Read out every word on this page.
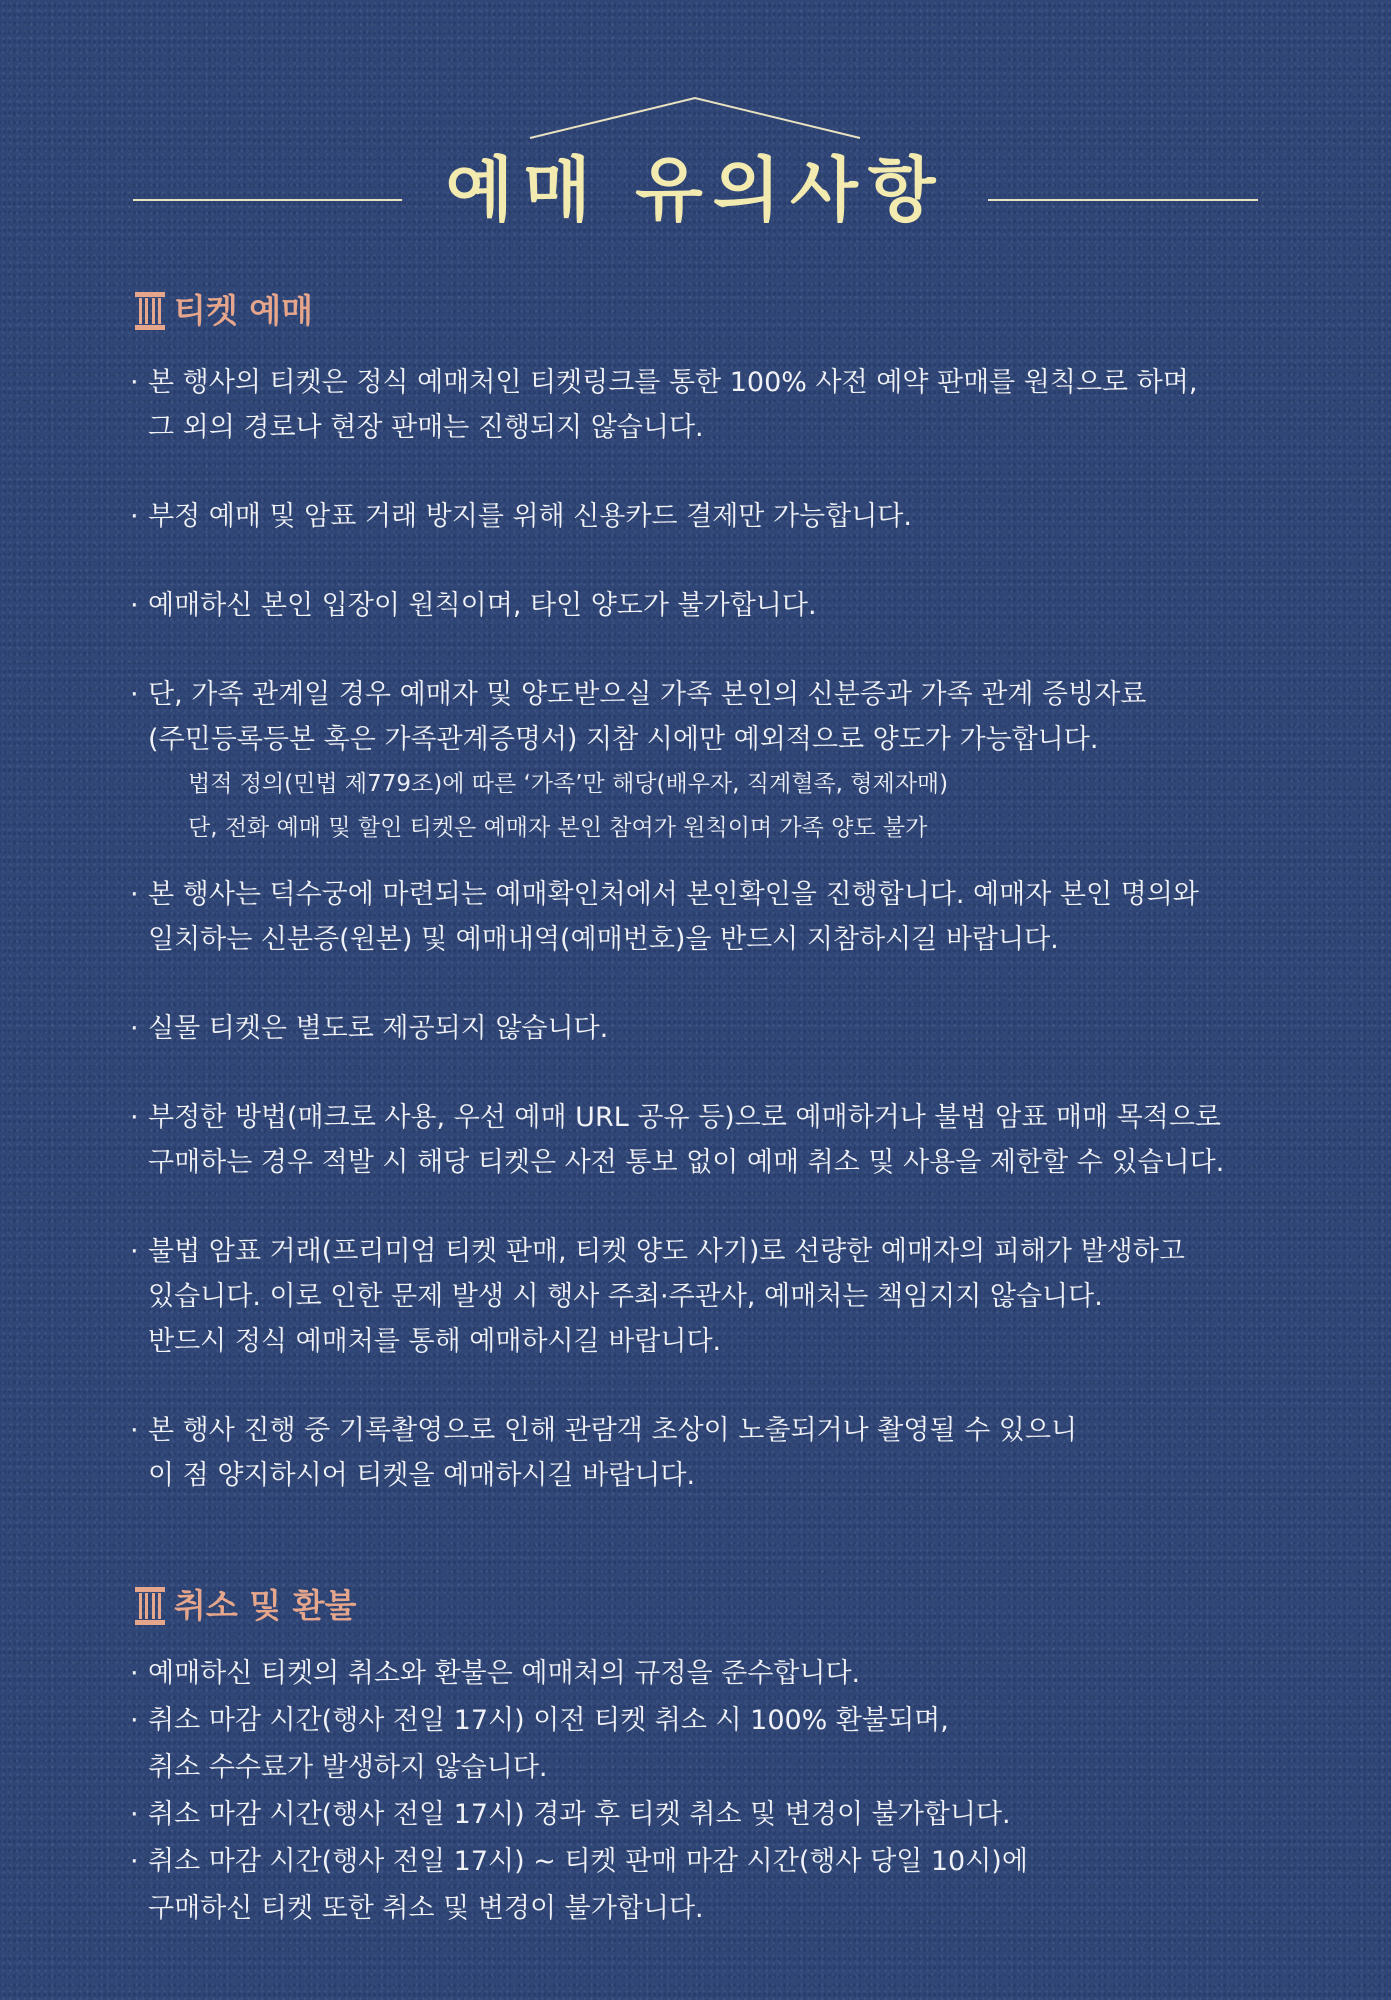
예매 유의사항
티켓 예매
· 본 행사의 티켓은 정식 예매처인 티켓링크를 통한 100% 사전 예약 판매를 원칙으로 하며,
그 외의 경로나 현장 판매는 진행되지 않습니다.
· 부정 예매 및 암표 거래 방지를 위해 신용카드 결제만 가능합니다.
· 예매하신 본인 입장이 원칙이며, 타인 양도가 불가합니다.
· 단, 가족 관계일 경우 예매자 및 양도받으실 가족 본인의 신분증과 가족 관계 증빙자료
(주민등록등본 혹은 가족관계증명서) 지참 시에만 예외적으로 양도가 가능합니다.
법적 정의(민법 제779조)에 따른 ‘가족’만 해당(배우자, 직계혈족, 형제자매)
단, 전화 예매 및 할인 티켓은 예매자 본인 참여가 원칙이며 가족 양도 불가
· 본 행사는 덕수궁에 마련되는 예매확인처에서 본인확인을 진행합니다. 예매자 본인 명의와
일치하는 신분증(원본) 및 예매내역(예매번호)을 반드시 지참하시길 바랍니다.
· 실물 티켓은 별도로 제공되지 않습니다.
· 부정한 방법(매크로 사용, 우선 예매 URL 공유 등)으로 예매하거나 불법 암표 매매 목적으로
구매하는 경우 적발 시 해당 티켓은 사전 통보 없이 예매 취소 및 사용을 제한할 수 있습니다.
· 불법 암표 거래(프리미엄 티켓 판매, 티켓 양도 사기)로 선량한 예매자의 피해가 발생하고
있습니다. 이로 인한 문제 발생 시 행사 주최·주관사, 예매처는 책임지지 않습니다.
반드시 정식 예매처를 통해 예매하시길 바랍니다.
· 본 행사 진행 중 기록촬영으로 인해 관람객 초상이 노출되거나 촬영될 수 있으니
이 점 양지하시어 티켓을 예매하시길 바랍니다.
취소 및 환불
· 예매하신 티켓의 취소와 환불은 예매처의 규정을 준수합니다.
· 취소 마감 시간(행사 전일 17시) 이전 티켓 취소 시 100% 환불되며,
취소 수수료가 발생하지 않습니다.
· 취소 마감 시간(행사 전일 17시) 경과 후 티켓 취소 및 변경이 불가합니다.
· 취소 마감 시간(행사 전일 17시) ~ 티켓 판매 마감 시간(행사 당일 10시)에
구매하신 티켓 또한 취소 및 변경이 불가합니다.
